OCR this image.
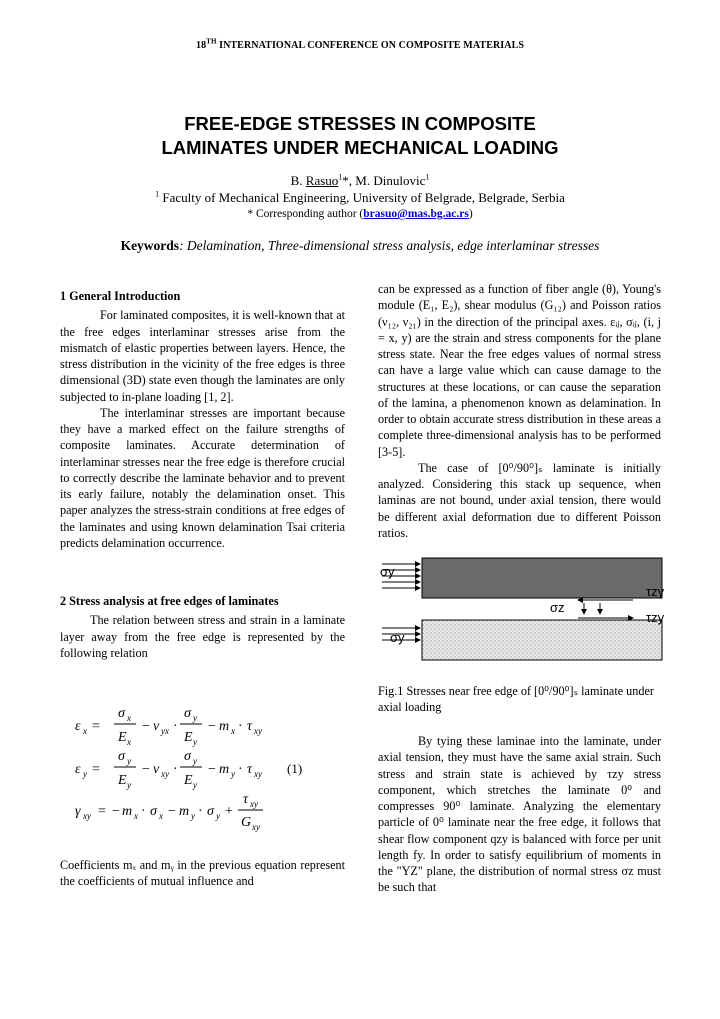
18TH INTERNATIONAL CONFERENCE ON COMPOSITE MATERIALS
FREE-EDGE STRESSES IN COMPOSITE
LAMINATES UNDER MECHANICAL LOADING
B. Rasuo$^1$*, M. Dinulovic$^1$
$^1$ Faculty of Mechanical Engineering, University of Belgrade, Belgrade, Serbia
* Corresponding author (brasuo@mas.bg.ac.rs)
Keywords: Delamination, Three-dimensional stress analysis, edge interlaminar stresses

1 General Introduction

For laminated composites, it is well-known that at the free edges interlaminar stresses arise from the mismatch of elastic properties between layers. Hence, the stress distribution in the vicinity of the free edges is three dimensional (3D) state even though the laminates are only subjected to in-plane loading [1, 2].

The interlaminar stresses are important because they have a marked effect on the failure strengths of composite laminates. Accurate determination of interlaminar stresses near the free edge is therefore crucial to correctly describe the laminate behavior and to prevent its early failure, notably the delamination onset. This paper analyzes the stress-strain conditions at free edges of the laminates and using known delamination Tsai criteria predicts delamination occurrence.

2 Stress analysis at free edges of laminates

The relation between stress and strain in a laminate layer away from the free edge is represented by the following relation

ε x =
σ x
E x
− ν yx ·
σ y
E y
− m x · τ xy
ε y =
σ y
E y
− ν xy ·
σ y
E y
− m y · τ xy
γ xy = − m x · σ x − m y · σ y +
τ xy
G xy
(1)
Coefficients mₓ and mᵧ in the previous equation represent the coefficients of mutual influence and

can be expressed as a function of fiber angle (θ), Young's module (E₁, E₂), shear modulus (G₁₂) and Poisson ratios (ν₁₂, ν₂₁) in the direction of the principal axes. εᵢⱼ, σᵢⱼ, (i, j = x, y) are the strain and stress components for the plane stress state. Near the free edges values of normal stress can have a large value which can cause damage to the structures at these locations, or can cause the separation of the lamina, a phenomenon known as delamination. In order to obtain accurate stress distribution in these areas a complete three-dimensional analysis has to be performed [3-5].

The case of [0⁰/90⁰]ₛ laminate is initially analyzed. Considering this stack up sequence, when laminas are not bound, under axial tension, there would be different axial deformation due to different Poisson ratios.

σy
τzy
σz
τzy
σy
Fig.1 Stresses near free edge of [0⁰/90⁰]ₛ laminate under axial loading

By tying these laminae into the laminate, under axial tension, they must have the same axial strain. Such stress and strain state is achieved by τzy stress component, which stretches the laminate 0⁰ and compresses 90⁰ laminate. Analyzing the elementary particle of 0⁰ laminate near the free edge, it follows that shear flow component qzy is balanced with force per unit length fy. In order to satisfy equilibrium of moments in the "YZ" plane, the distribution of normal stress σz must be such that
